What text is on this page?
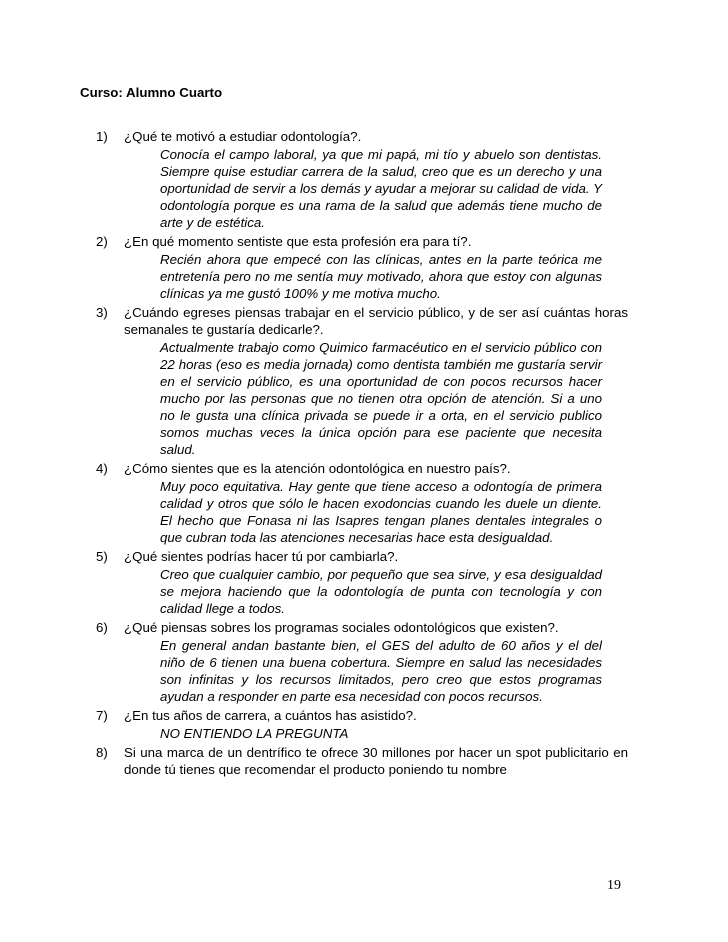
Curso: Alumno Cuarto
1) ¿Qué te motivó a estudiar odontología?.
Conocía el campo laboral, ya que mi papá, mi tío y abuelo son dentistas. Siempre quise estudiar carrera de la salud, creo que es un derecho y una oportunidad de servir a los demás y ayudar a mejorar su calidad de vida. Y odontología porque es una rama de la salud que además tiene mucho de arte y de estética.
2) ¿En qué momento sentiste que esta profesión era para tí?.
Recién ahora que empecé con las clínicas, antes en la parte teórica me entretenía pero no me sentía muy motivado, ahora que estoy con algunas clínicas ya me gustó 100% y me motiva mucho.
3) ¿Cuándo egreses piensas trabajar en el servicio público, y de ser así cuántas horas semanales te gustaría dedicarle?.
Actualmente trabajo como Quimico farmacéutico en el servicio público con 22 horas (eso es media jornada) como dentista también me gustaría servir en el servicio público, es una oportunidad de con pocos recursos hacer mucho por las personas que no tienen otra opción de atención. Si a uno no le gusta una clínica privada se puede ir a orta, en el servicio publico somos muchas veces la única opción para ese paciente que necesita salud.
4) ¿Cómo sientes que es la atención odontológica en nuestro país?.
Muy poco equitativa. Hay gente que tiene acceso a odontogía de primera calidad y otros que sólo le hacen exodoncias cuando les duele un diente. El hecho que Fonasa ni las Isapres tengan planes dentales integrales o que cubran toda las atenciones necesarias hace esta desigualdad.
5) ¿Qué sientes podrías hacer tú por cambiarla?.
Creo que cualquier cambio, por pequeño que sea sirve, y esa desigualdad se mejora haciendo que la odontología de punta con tecnología y con calidad llege a todos.
6) ¿Qué piensas sobres los programas sociales odontológicos que existen?.
En general andan bastante bien, el GES del adulto de 60 años y el del niño de 6 tienen una buena cobertura. Siempre en salud las necesidades son infinitas y los recursos limitados, pero creo que estos programas ayudan a responder en parte esa necesidad con pocos recursos.
7) ¿En tus años de carrera, a cuántos has asistido?.
NO ENTIENDO LA PREGUNTA
8) Si una marca de un dentrífico te ofrece 30 millones por hacer un spot publicitario en donde tú tienes que recomendar el producto poniendo tu nombre
19
